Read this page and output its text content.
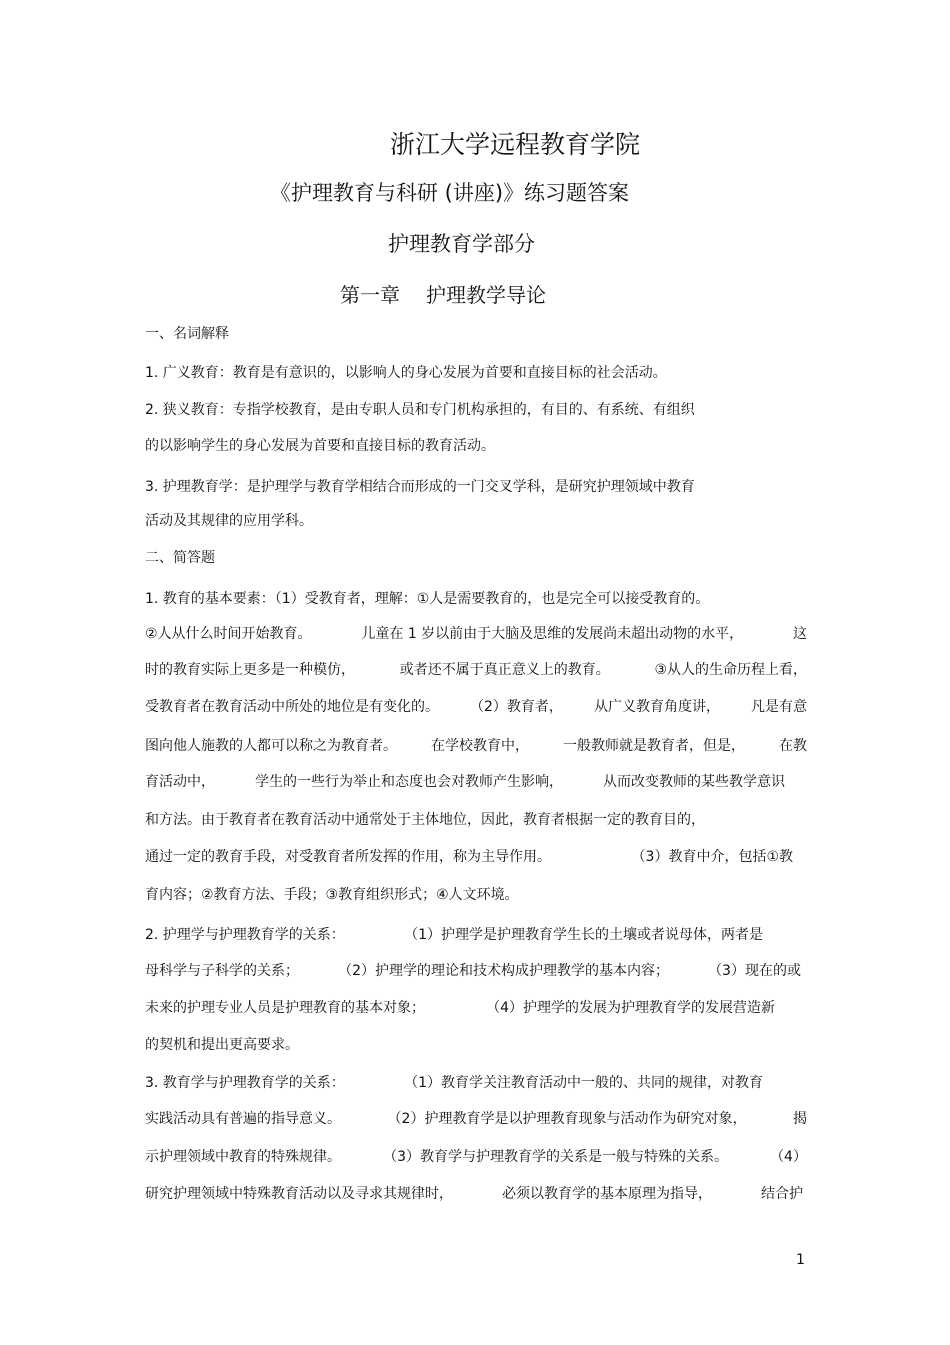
浙江大学远程教育学院
《护理教育与科研 (讲座)》练习题答案
护理教育学部分
第一章 护理教学导论
一、名词解释
1. 广义教育：教育是有意识的，以影响人的身心发展为首要和直接目标的社会活动。
2. 狭义教育：专指学校教育，是由专职人员和专门机构承担的，有目的、有系统、有组织
的以影响学生的身心发展为首要和直接目标的教育活动。
3. 护理教育学：是护理学与教育学相结合而形成的一门交叉学科，是研究护理领域中教育
活动及其规律的应用学科。
二、简答题
1. 教育的基本要素：（1）受教育者，理解：①人是需要教育的，也是完全可以接受教育的。
②人从什么时间开始教育。	儿童在 1 岁以前由于大脑及思维的发展尚未超出动物的水平，	这
时的教育实际上更多是一种模仿，	或者还不属于真正意义上的教育。	③从人的生命历程上看，
受教育者在教育活动中所处的地位是有变化的。 （2）教育者， 从广义教育角度讲， 凡是有意
图向他人施教的人都可以称之为教育者。 在学校教育中， 一般教师就是教育者，但是， 在教
育活动中，	学生的一些行为举止和态度也会对教师产生影响，	从而改变教师的某些教学意识
和方法。由于教育者在教育活动中通常处于主体地位，因此，教育者根据一定的教育目的，
通过一定的教育手段，对受教育者所发挥的作用，称为主导作用。	（3）教育中介，包括①教
育内容；②教育方法、手段；③教育组织形式；④人文环境。
2. 护理学与护理教育学的关系：	（1）护理学是护理教育学生长的土壤或者说母体，两者是
母科学与子科学的关系；	（2）护理学的理论和技术构成护理教学的基本内容；	（3）现在的或
未来的护理专业人员是护理教育的基本对象；	（4）护理学的发展为护理教育学的发展营造新
的契机和提出更高要求。
3. 教育学与护理教育学的关系：	（1）教育学关注教育活动中一般的、共同的规律，对教育
实践活动具有普遍的指导意义。	（2）护理教育学是以护理教育现象与活动作为研究对象，	揭
示护理领域中教育的特殊规律。	（3）教育学与护理教育学的关系是一般与特殊的关系。	（4）
研究护理领域中特殊教育活动以及寻求其规律时，	必须以教育学的基本原理为指导，	结合护
1
